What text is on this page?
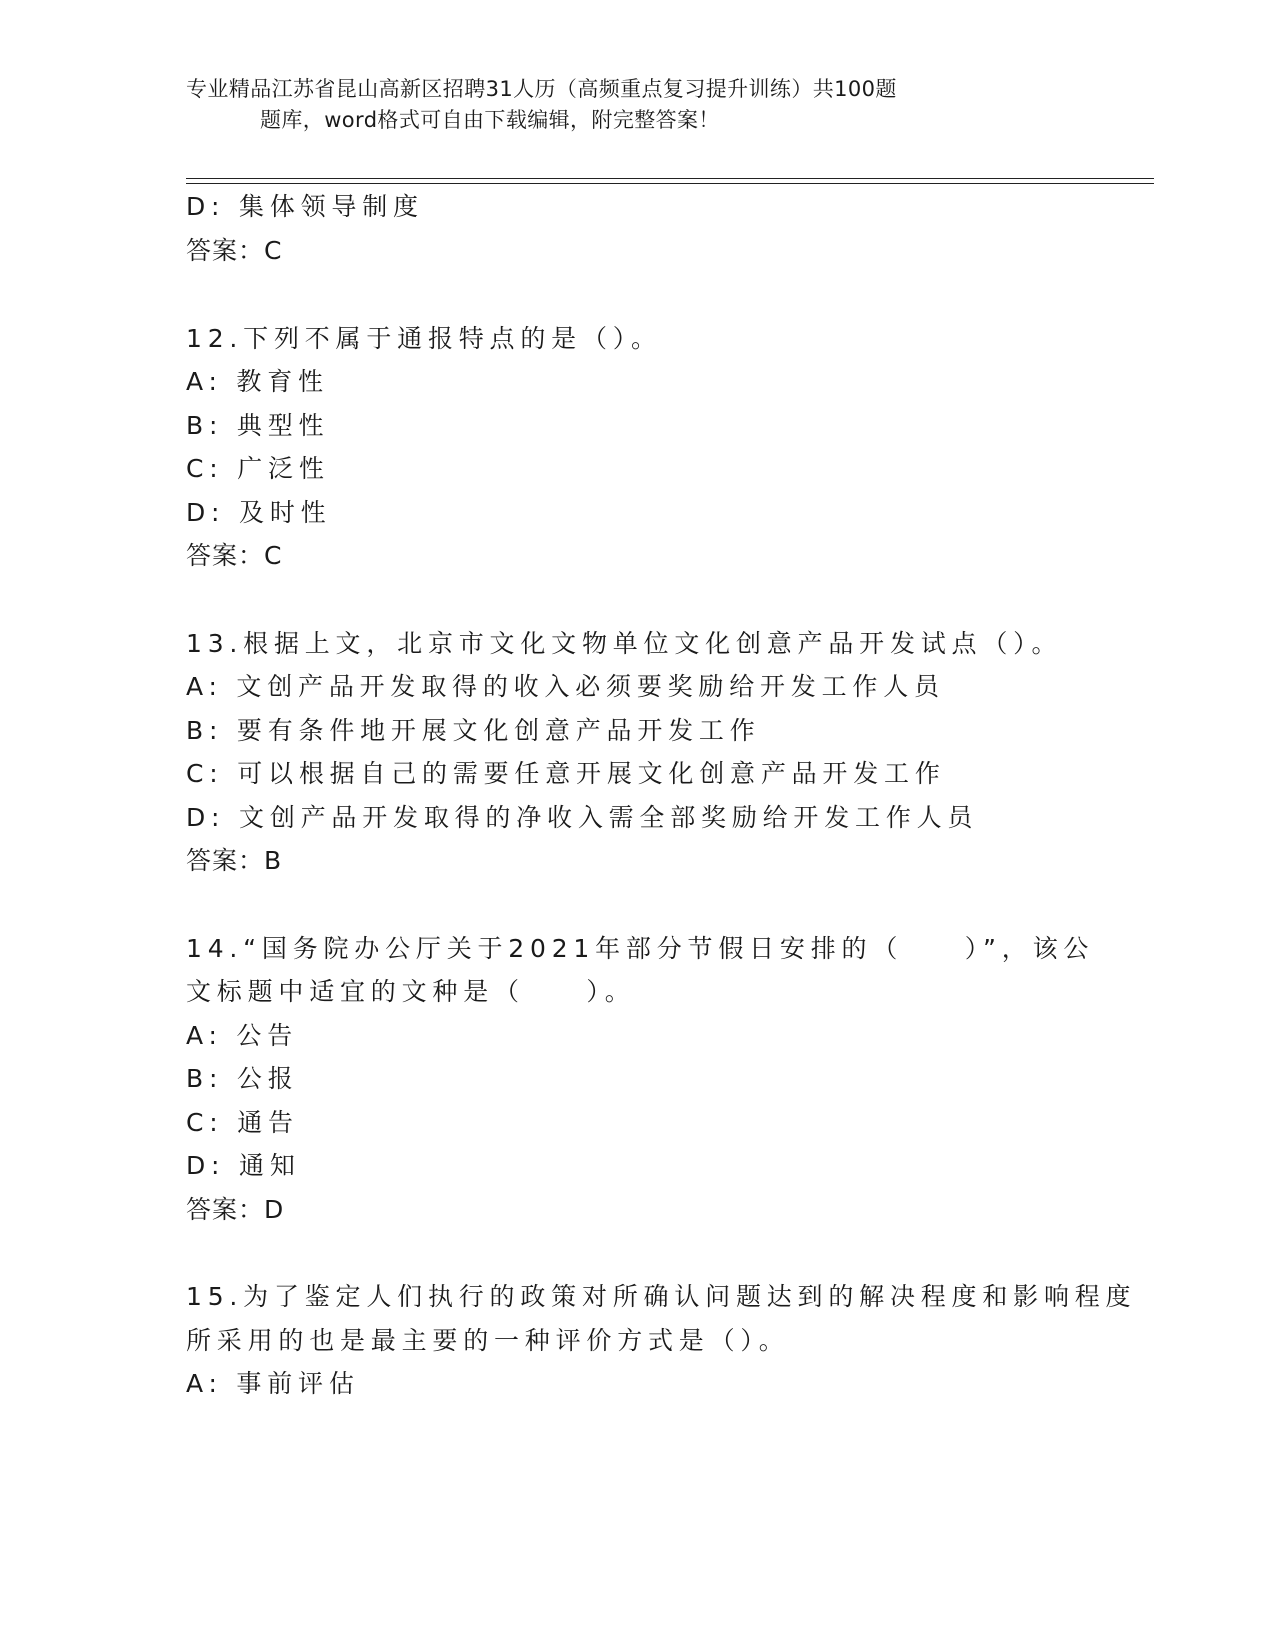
专业精品江苏省昆山高新区招聘31人历（高频重点复习提升训练）共100题
题库，word格式可自由下载编辑，附完整答案！
D: 集体领导制度
答案：C
12.下列不属于通报特点的是（）。
A: 教育性
B: 典型性
C: 广泛性
D: 及时性
答案：C
13.根据上文，北京市文化文物单位文化创意产品开发试点（）。
A: 文创产品开发取得的收入必须要奖励给开发工作人员
B: 要有条件地开展文化创意产品开发工作
C: 可以根据自己的需要任意开展文化创意产品开发工作
D: 文创产品开发取得的净收入需全部奖励给开发工作人员
答案：B
14.“国务院办公厅关于2021年部分节假日安排的（　　）”，该公
文标题中适宜的文种是（　　）。
A: 公告
B: 公报
C: 通告
D: 通知
答案：D
15.为了鉴定人们执行的政策对所确认问题达到的解决程度和影响程度
所采用的也是最主要的一种评价方式是（）。
A: 事前评估
